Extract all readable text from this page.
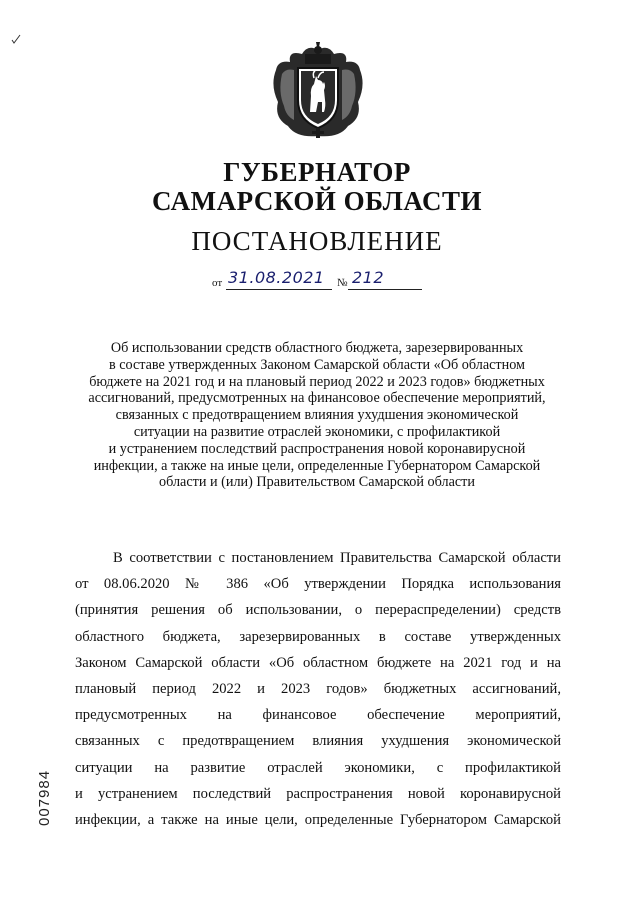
ГУБЕРНАТОР
САМАРСКОЙ ОБЛАСТИ
ПОСТАНОВЛЕНИЕ
от 31.08.2021 № 212
Об использовании средств областного бюджета, зарезервированных
в составе утвержденных Законом Самарской области «Об областном
бюджете на 2021 год и на плановый период 2022 и 2023 годов» бюджетных
ассигнований, предусмотренных на финансовое обеспечение мероприятий,
связанных с предотвращением влияния ухудшения экономической
ситуации на развитие отраслей экономики, с профилактикой
и устранением последствий распространения новой коронавирусной
инфекции, а также на иные цели, определенные Губернатором Самарской
области и (или) Правительством Самарской области
В соответствии с постановлением Правительства Самарской области
от 08.06.2020 № 386 «Об утверждении Порядка использования
(принятия решения об использовании, о перераспределении) средств
областного бюджета, зарезервированных в составе утвержденных
Законом Самарской области «Об областном бюджете на 2021 год и на
плановый период 2022 и 2023 годов» бюджетных ассигнований,
предусмотренных на финансовое обеспечение мероприятий,
связанных с предотвращением влияния ухудшения экономической
ситуации на развитие отраслей экономики, с профилактикой
и устранением последствий распространения новой коронавирусной
инфекции, а также на иные цели, определенные Губернатором Самарской
007984
